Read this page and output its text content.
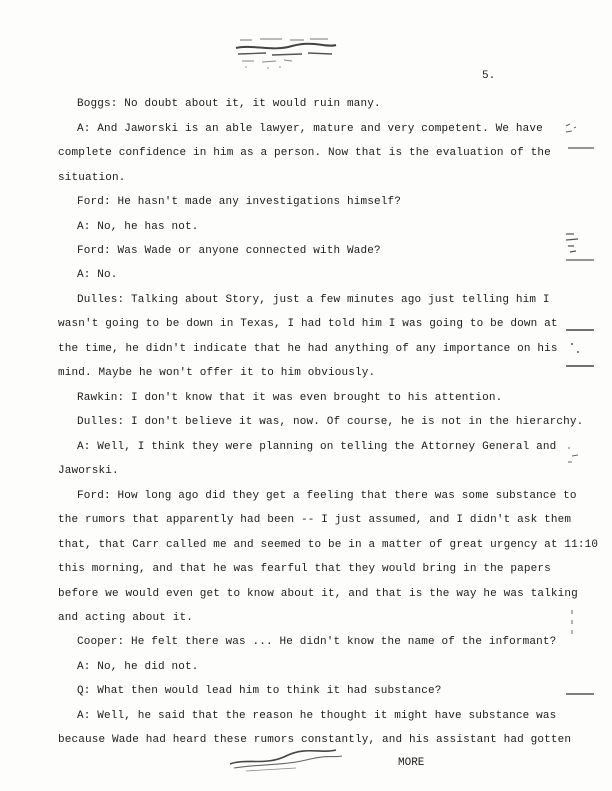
5.
Boggs: No doubt about it, it would ruin many.
A: And Jaworski is an able lawyer, mature and very competent. We have
complete confidence in him as a person. Now that is the evaluation of the
situation.
Ford: He hasn't made any investigations himself?
A: No, he has not.
Ford: Was Wade or anyone connected with Wade?
A: No.
Dulles: Talking about Story, just a few minutes ago just telling him I
wasn't going to be down in Texas, I had told him I was going to be down at
the time, he didn't indicate that he had anything of any importance on his
mind. Maybe he won't offer it to him obviously.
Rawkin: I don't know that it was even brought to his attention.
Dulles: I don't believe it was, now. Of course, he is not in the hierarchy.
A: Well, I think they were planning on telling the Attorney General and
Jaworski.
Ford: How long ago did they get a feeling that there was some substance to
the rumors that apparently had been -- I just assumed, and I didn't ask them
that, that Carr called me and seemed to be in a matter of great urgency at 11:10
this morning, and that he was fearful that they would bring in the papers
before we would even get to know about it, and that is the way he was talking
and acting about it.
Cooper: He felt there was ... He didn't know the name of the informant?
A: No, he did not.
Q: What then would lead him to think it had substance?
A: Well, he said that the reason he thought it might have substance was
because Wade had heard these rumors constantly, and his assistant had gotten
MORE
